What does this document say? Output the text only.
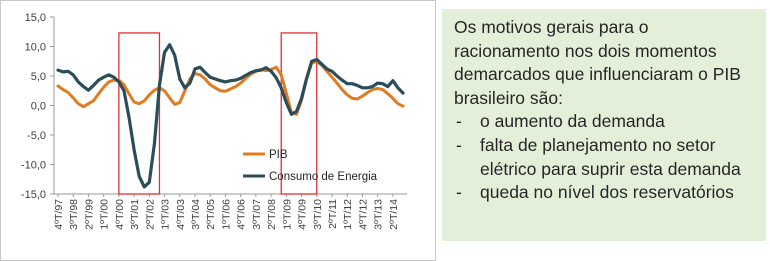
15,0
10,0
5,0
0,0
-5,0
-10,0
-15,0
4ºT/97 3ºT/98 2ºT/99 1ºT/00 4ºT/00 3ºT/01 2ºT/02 1ºT/03 4ºT/03 3ºT/04 2ºT/05 1ºT/06 4ºT/06 3ºT/07 2ºT/08 1ºT/09 4ºT/09 3ºT/10 2ºT/11 1ºT/12 4ºT/12 3ºT/13 2ºT/14
PIB
Consumo de Energia

Os motivos gerais para o racionamento nos dois momentos demarcados que influenciaram o PIB brasileiro são:

- o aumento da demanda
- falta de planejamento no setor elétrico para suprir esta demanda
- queda no nível dos reservatórios
